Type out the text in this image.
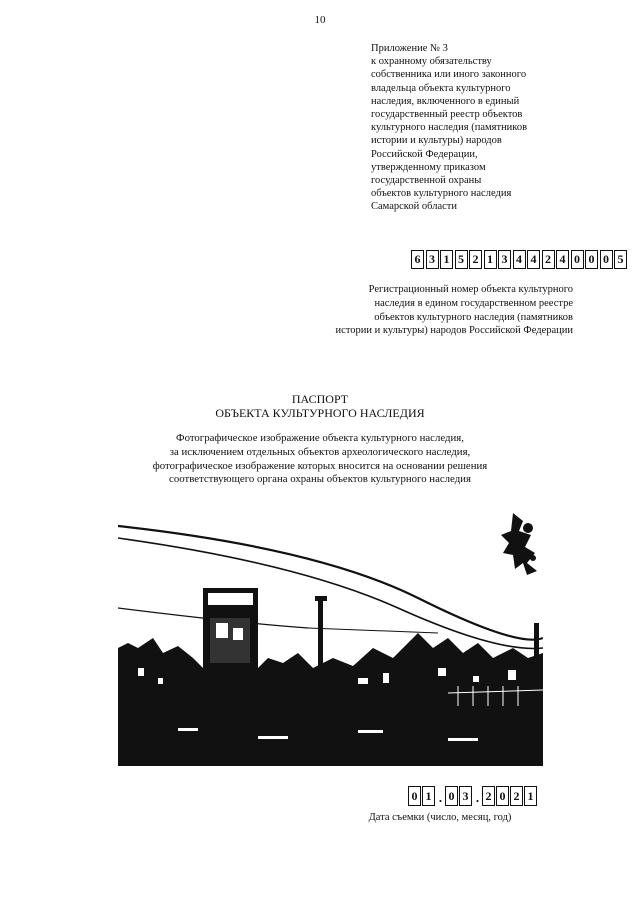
10
Приложение № 3
к охранному обязательству
собственника или иного законного
владельца объекта культурного
наследия, включенного в единый
государственный реестр объектов
культурного наследия (памятников
истории и культуры) народов
Российской Федерации,
утвержденному приказом
государственной охраны
объектов культурного наследия
Самарской области
6 3 1 5 2 1 3 4 4 2 4 0 0 0 5
Регистрационный номер объекта культурного
наследия в едином государственном реестре
объектов культурного наследия (памятников
истории и культуры) народов Российской Федерации
ПАСПОРТ
ОБЪЕКТА КУЛЬТУРНОГО НАСЛЕДИЯ
Фотографическое изображение объекта культурного наследия,
за исключением отдельных объектов археологического наследия,
фотографическое изображение которых вносится на основании решения
соответствующего органа охраны объектов культурного наследия
0 1 . 0 3 . 2 0 2 1
Дата съемки (число, месяц, год)
